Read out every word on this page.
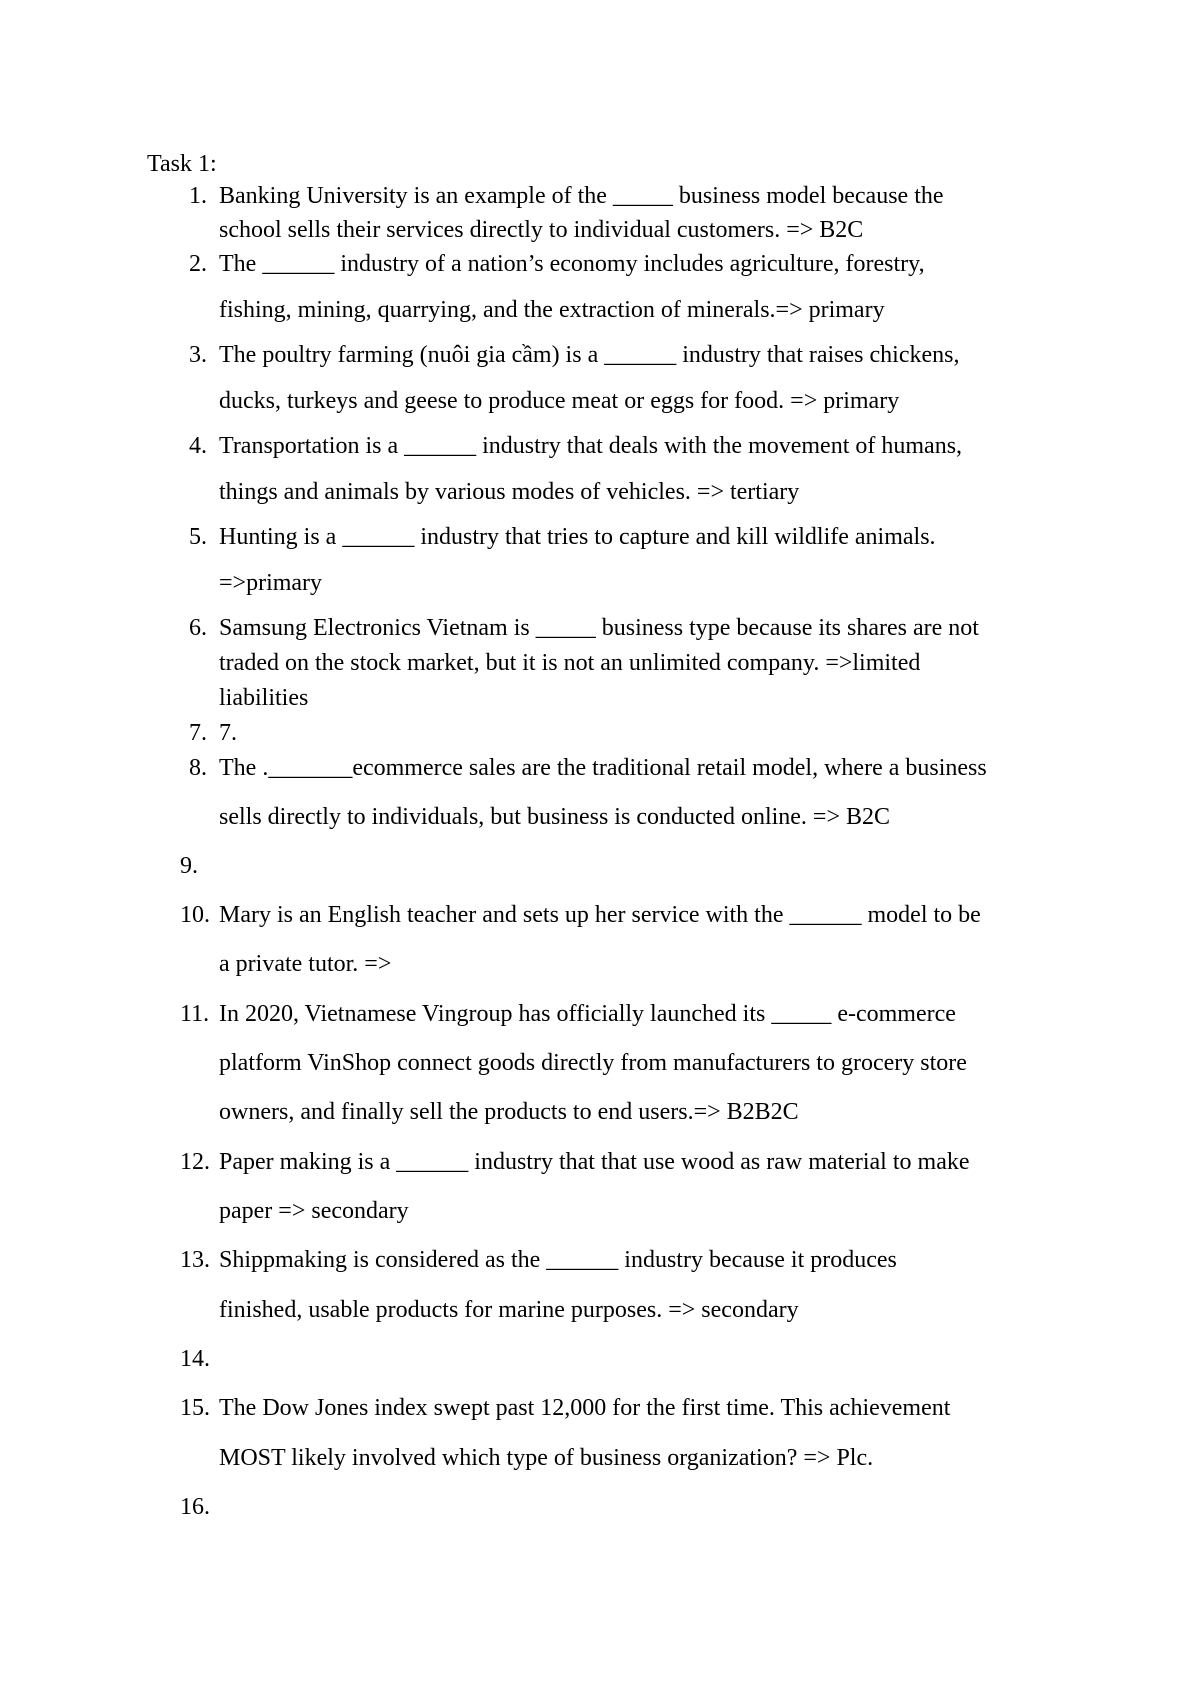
Task 1:
1. Banking University is an example of the _____ business model because the
school sells their services directly to individual customers. => B2C
2. The ______ industry of a nation’s economy includes agriculture, forestry,
fishing, mining, quarrying, and the extraction of minerals.=> primary
3. The poultry farming (nuôi gia cầm) is a ______ industry that raises chickens,
ducks, turkeys and geese to produce meat or eggs for food. => primary
4. Transportation is a ______ industry that deals with the movement of humans,
things and animals by various modes of vehicles. => tertiary
5. Hunting is a ______ industry that tries to capture and kill wildlife animals.
=>primary
6. Samsung Electronics Vietnam is _____ business type because its shares are not
traded on the stock market, but it is not an unlimited company. =>limited
liabilities
7. 7.
8. The ._______ecommerce sales are the traditional retail model, where a business
sells directly to individuals, but business is conducted online. => B2C
9.
10. Mary is an English teacher and sets up her service with the ______ model to be
a private tutor. =>
11. In 2020, Vietnamese Vingroup has officially launched its _____ e-commerce
platform VinShop connect goods directly from manufacturers to grocery store
owners, and finally sell the products to end users.=> B2B2C
12. Paper making is a ______ industry that that use wood as raw material to make
paper => secondary
13. Shippmaking is considered as the ______ industry because it produces
finished, usable products for marine purposes. => secondary
14.
15. The Dow Jones index swept past 12,000 for the first time. This achievement
MOST likely involved which type of business organization? => Plc.
16.
